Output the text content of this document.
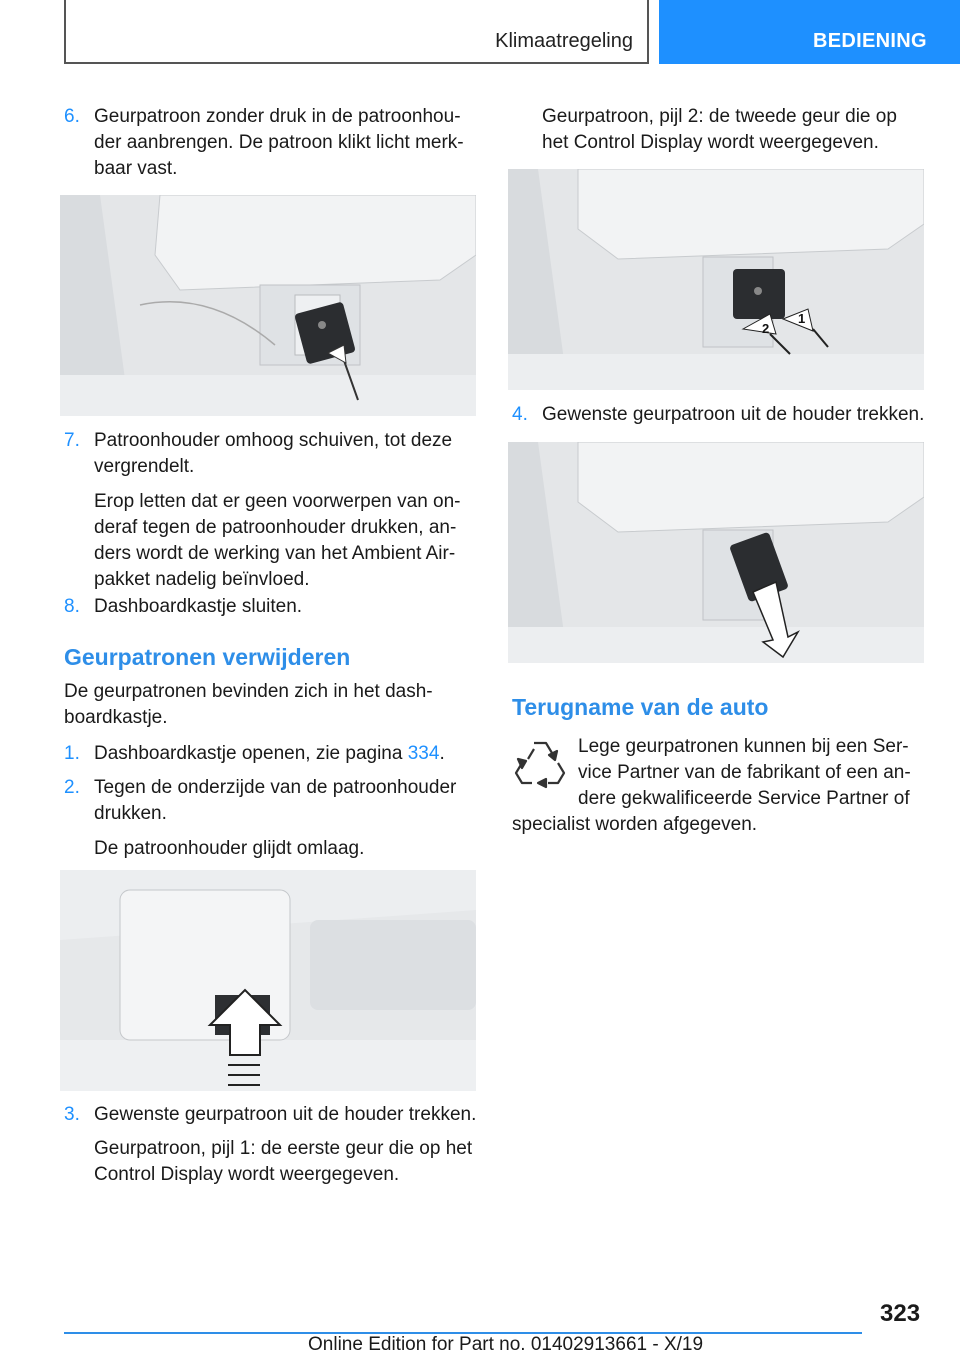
Klimaatregeling	BEDIENING
6. Geurpatroon zonder druk in de patroonhou-
der aanbrengen. De patroon klikt licht merk-
baar vast.
7. Patroonhouder omhoog schuiven, tot deze
vergrendelt.
Erop letten dat er geen voorwerpen van on-
deraf tegen de patroonhouder drukken, an-
ders wordt de werking van het Ambient Air-
pakket nadelig beïnvloed.
8. Dashboardkastje sluiten.
Geurpatronen verwijderen
De geurpatronen bevinden zich in het dash-
boardkastje.
1. Dashboardkastje openen, zie pagina 334.
2. Tegen de onderzijde van de patroonhouder
drukken.
De patroonhouder glijdt omlaag.
3. Gewenste geurpatroon uit de houder trekken.
Geurpatroon, pijl 1: de eerste geur die op het
Control Display wordt weergegeven.
Geurpatroon, pijl 2: de tweede geur die op
het Control Display wordt weergegeven.
2
1
4. Gewenste geurpatroon uit de houder trekken.
Terugname van de auto
Lege geurpatronen kunnen bij een Ser-
vice Partner van de fabrikant of een an-
dere gekwalificeerde Service Partner of
specialist worden afgegeven.
323
Online Edition for Part no. 01402913661 - X/19
